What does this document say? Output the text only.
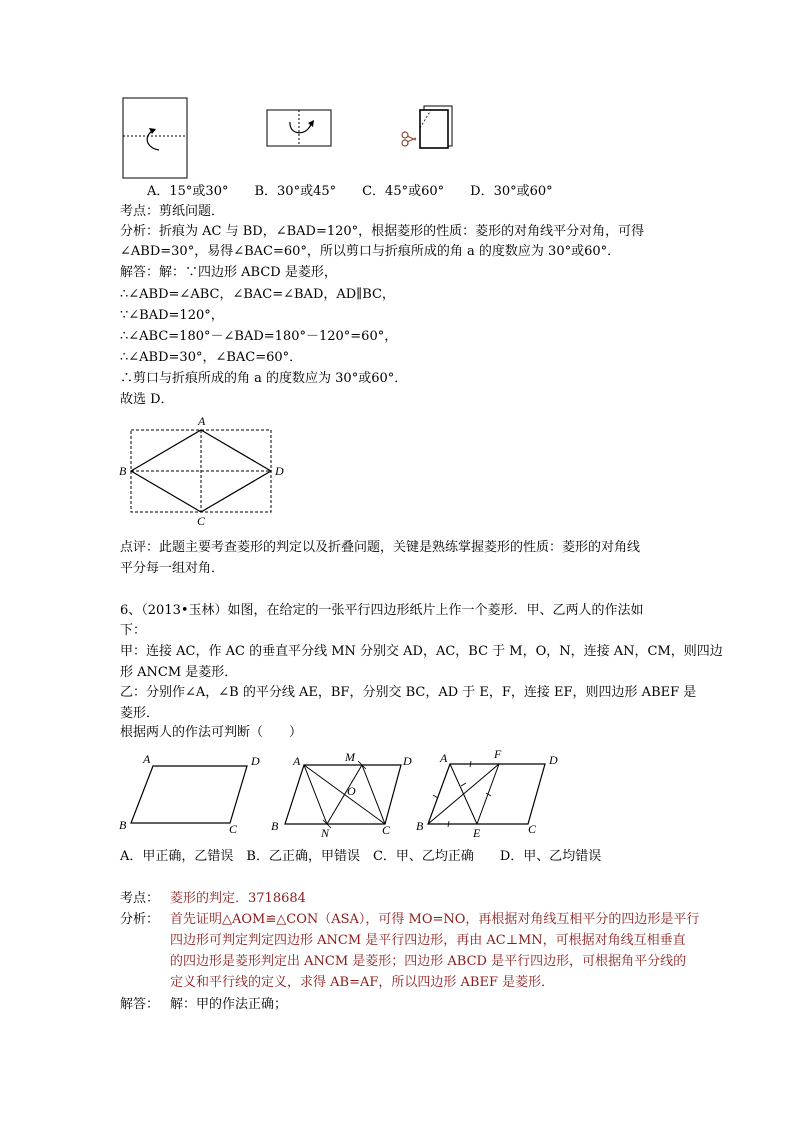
A．15°或30°　　B．30°或45°　　C．45°或60°　　D．30°或60°
考点：剪纸问题．
分析：折痕为 AC 与 BD，∠BAD=120°，根据菱形的性质：菱形的对角线平分对角，可得
∠ABD=30°，易得∠BAC=60°，所以剪口与折痕所成的角 a 的度数应为 30°或60°．
解答：解：∵四边形 ABCD 是菱形，
∴∠ABD=∠ABC，∠BAC=∠BAD，AD∥BC，
∵∠BAD=120°，
∴∠ABC=180°－∠BAD=180°－120°=60°，
∴∠ABD=30°，∠BAC=60°．
∴剪口与折痕所成的角 a 的度数应为 30°或60°．
故选 D．
A
B	D
C
点评：此题主要考查菱形的判定以及折叠问题，关键是熟练掌握菱形的性质：菱形的对角线
平分每一组对角．
6、（2013•玉林）如图，在给定的一张平行四边形纸片上作一个菱形．甲、乙两人的作法如
下：
甲：连接 AC，作 AC 的垂直平分线 MN 分别交 AD，AC，BC 于 M，O，N，连接 AN，CM，则四边
形 ANCM 是菱形．
乙：分别作∠A，∠B 的平分线 AE，BF，分别交 BC，AD 于 E，F，连接 EF，则四边形 ABEF 是
菱形．
根据两人的作法可判断（　　）
A	D
B	C
A	M	D
O
B	N	C
A	F	D
B	E	C
A．甲正确，乙错误　B．乙正确，甲错误　C．甲、乙均正确　　D．甲、乙均错误
考点： 菱形的判定．3718684
分析： 首先证明△AOM≌△CON（ASA），可得 MO=NO，再根据对角线互相平分的四边形是平行
四边形可判定判定四边形 ANCM 是平行四边形，再由 AC⊥MN，可根据对角线互相垂直
的四边形是菱形判定出 ANCM 是菱形；四边形 ABCD 是平行四边形，可根据角平分线的
定义和平行线的定义，求得 AB=AF，所以四边形 ABEF 是菱形．
解答： 解：甲的作法正确；
